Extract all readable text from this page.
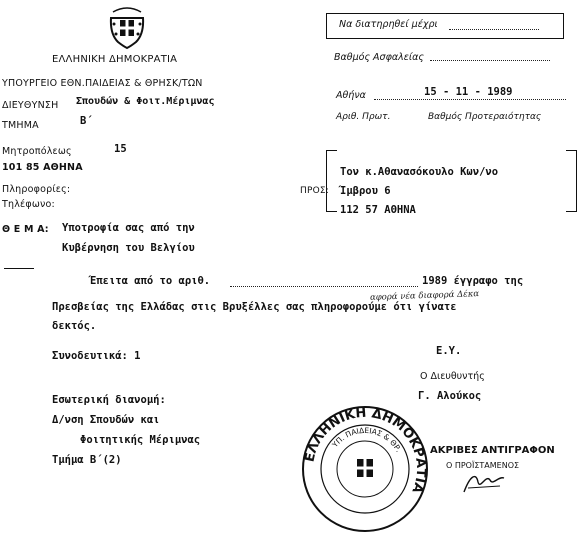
ΕΛΛΗΝΙΚΗ ΔΗΜΟΚΡΑΤΙΑ
ΥΠΟΥΡΓΕΙΟ ΕΘΝ.ΠΑΙΔΕΙΑΣ & ΘΡΗΣΚ/ΤΩΝ
ΔΙΕΥΘΥΝΣΗ Σπουδών & Φοιτ.Μέριμνας
ΤΜΗΜΑ	Β΄
Μητροπόλεως	15
101 85 ΑΘΗΝΑ
Πληροφορίες:
Τηλέφωνο:
Να διατηρηθεί μέχρι
Βαθμός Ασφαλείας
Αθήνα	15 - 11 - 1989
Αριθ. Πρωτ.	Βαθμός Προτεραιότητας
ΠΡΟΣ:
Τον κ.Αθανασόκουλο Κων/νο
Ίμβρου 6
112 57 ΑΘΗΝΑ
Θ Ε Μ Α: Υποτροφία σας από την
Κυβέρνηση του Βελγίου
Έπειτα από το αριθ.	1989 έγγραφο της
αφορά νέα διαφορά Δέκα
Πρεσβείας της Ελλάδας στις Βρυξέλλες σας πληροφορούμε ότι γίνατε
δεκτός.
Συνοδευτικά: 1	Ε.Υ.
Ο Διευθυντής
Γ. Αλούκος
Εσωτερική διανομή:
Δ/νση Σπουδών και
Φοιτητικής Μέριμνας
Τμήμα Β΄(2)	ΕΛΛΗΝΙΚΗ ΔΗΜΟΚΡΑΤΙΑ
ΥΠ. ΠΑΙΔΕΙΑΣ & ΘΡ.	ΑΚΡΙΒΕΣ ΑΝΤΙΓΡΑΦΟΝ
Ο ΠΡΟΪΣΤΑΜΕΝΟΣ
